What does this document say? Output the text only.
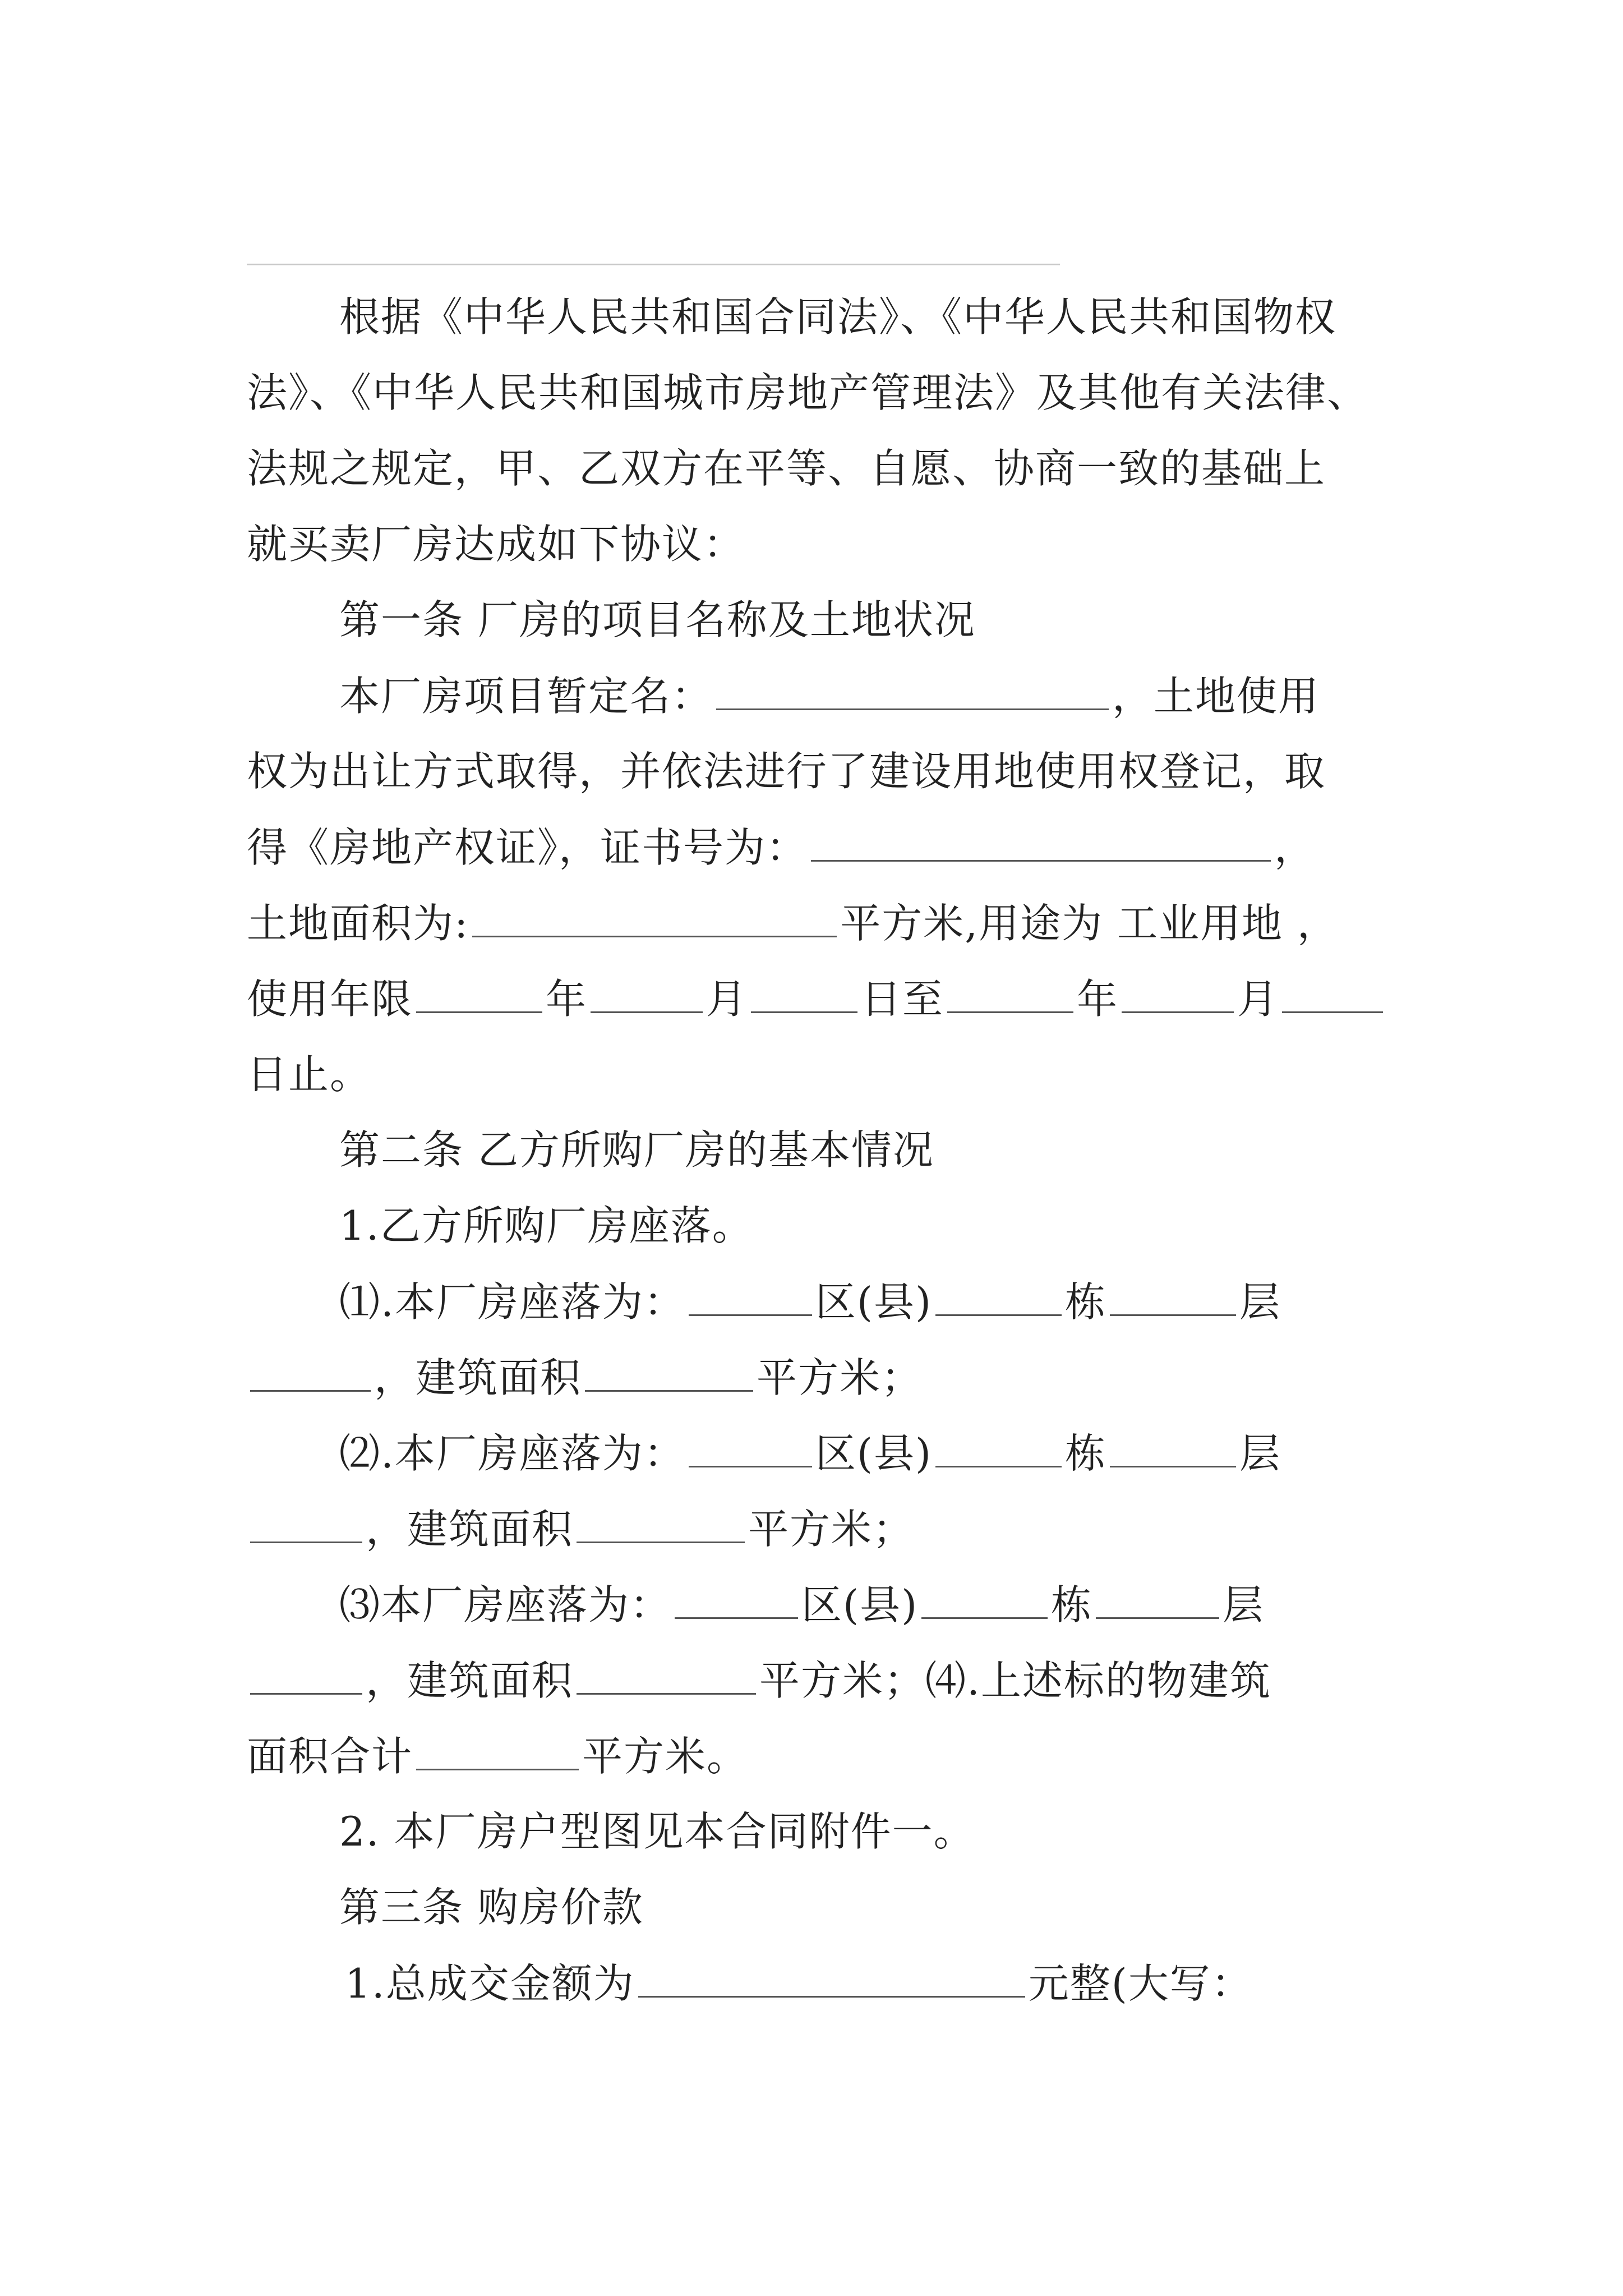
根据《中华人民共和国合同法》、《中华人民共和国物权
法》、《中华人民共和国城市房地产管理法》及其他有关法律、
法规之规定，甲、乙双方在平等、自愿、协商一致的基础上
就买卖厂房达成如下协议：
第一条 厂房的项目名称及土地状况
本厂房项目暂定名：	，土地使用
权为出让方式取得，并依法进行了建设用地使用权登记，取
得《房地产权证》，证书号为：	，
土地面积为:	平方米,用途为 工业用地 ，
使用年限	年	月	日至	年	月
日止。
第二条 乙方所购厂房的基本情况
1.乙方所购厂房座落。
⑴.本厂房座落为：	区(县)	栋	层
，建筑面积	平方米；
⑵.本厂房座落为：	区(县)	栋	层
，建筑面积	平方米；
⑶本厂房座落为：	区(县)	栋	层
，建筑面积	平方米；⑷.上述标的物建筑
面积合计	平方米。
2. 本厂房户型图见本合同附件一。
第三条 购房价款
1.总成交金额为	元整(大写：
